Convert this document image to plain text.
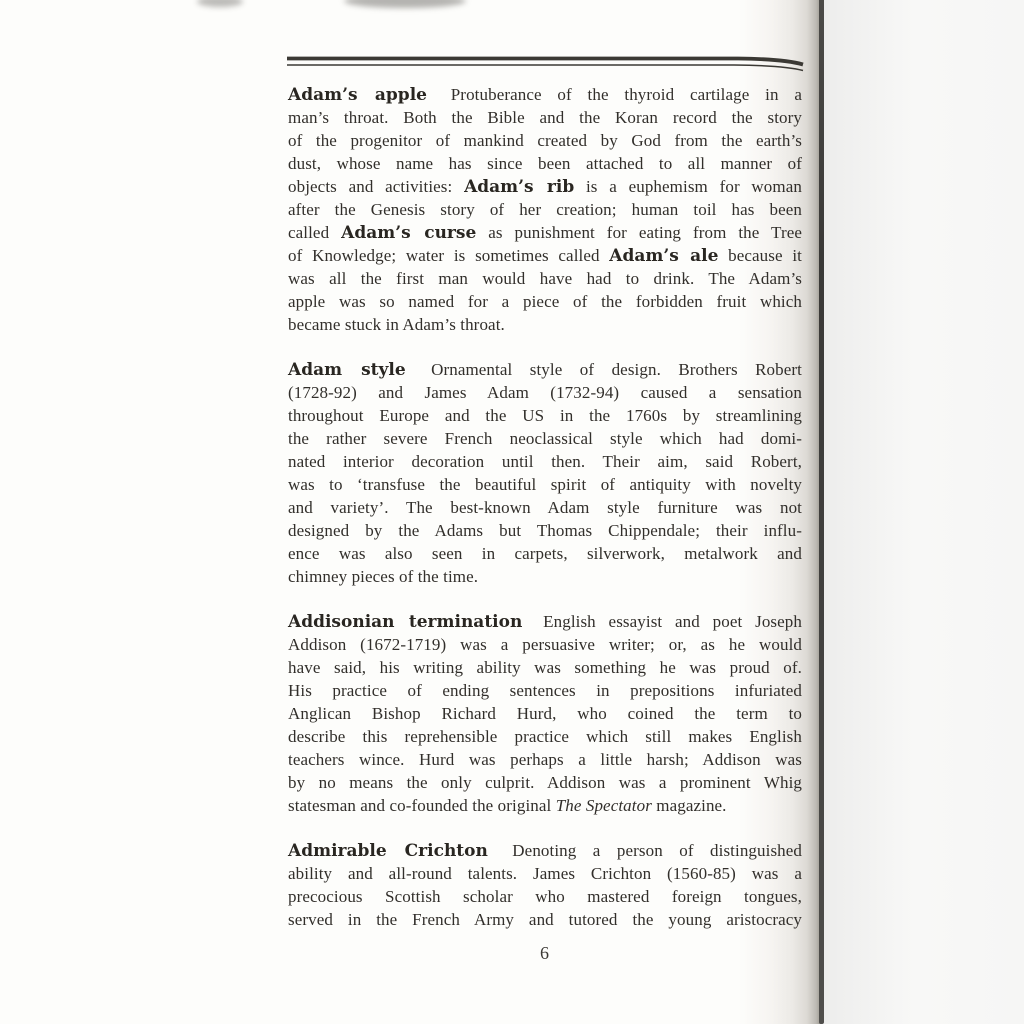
Adam’s apple Protuberance of the thyroid cartilage in a
man’s throat. Both the Bible and the Koran record the story
of the progenitor of mankind created by God from the earth’s
dust, whose name has since been attached to all manner of
objects and activities: Adam’s rib is a euphemism for woman
after the Genesis story of her creation; human toil has been
called Adam’s curse as punishment for eating from the Tree
of Knowledge; water is sometimes called Adam’s ale because it
was all the first man would have had to drink. The Adam’s
apple was so named for a piece of the forbidden fruit which
became stuck in Adam’s throat.
Adam style Ornamental style of design. Brothers Robert
(1728-92) and James Adam (1732-94) caused a sensation
throughout Europe and the US in the 1760s by streamlining
the rather severe French neoclassical style which had domi-
nated interior decoration until then. Their aim, said Robert,
was to ‘transfuse the beautiful spirit of antiquity with novelty
and variety’. The best-known Adam style furniture was not
designed by the Adams but Thomas Chippendale; their influ-
ence was also seen in carpets, silverwork, metalwork and
chimney pieces of the time.
Addisonian termination English essayist and poet Joseph
Addison (1672-1719) was a persuasive writer; or, as he would
have said, his writing ability was something he was proud of.
His practice of ending sentences in prepositions infuriated
Anglican Bishop Richard Hurd, who coined the term to
describe this reprehensible practice which still makes English
teachers wince. Hurd was perhaps a little harsh; Addison was
by no means the only culprit. Addison was a prominent Whig
statesman and co-founded the original The Spectator magazine.
Admirable Crichton Denoting a person of distinguished
ability and all-round talents. James Crichton (1560-85) was a
precocious Scottish scholar who mastered foreign tongues,
served in the French Army and tutored the young aristocracy
6
